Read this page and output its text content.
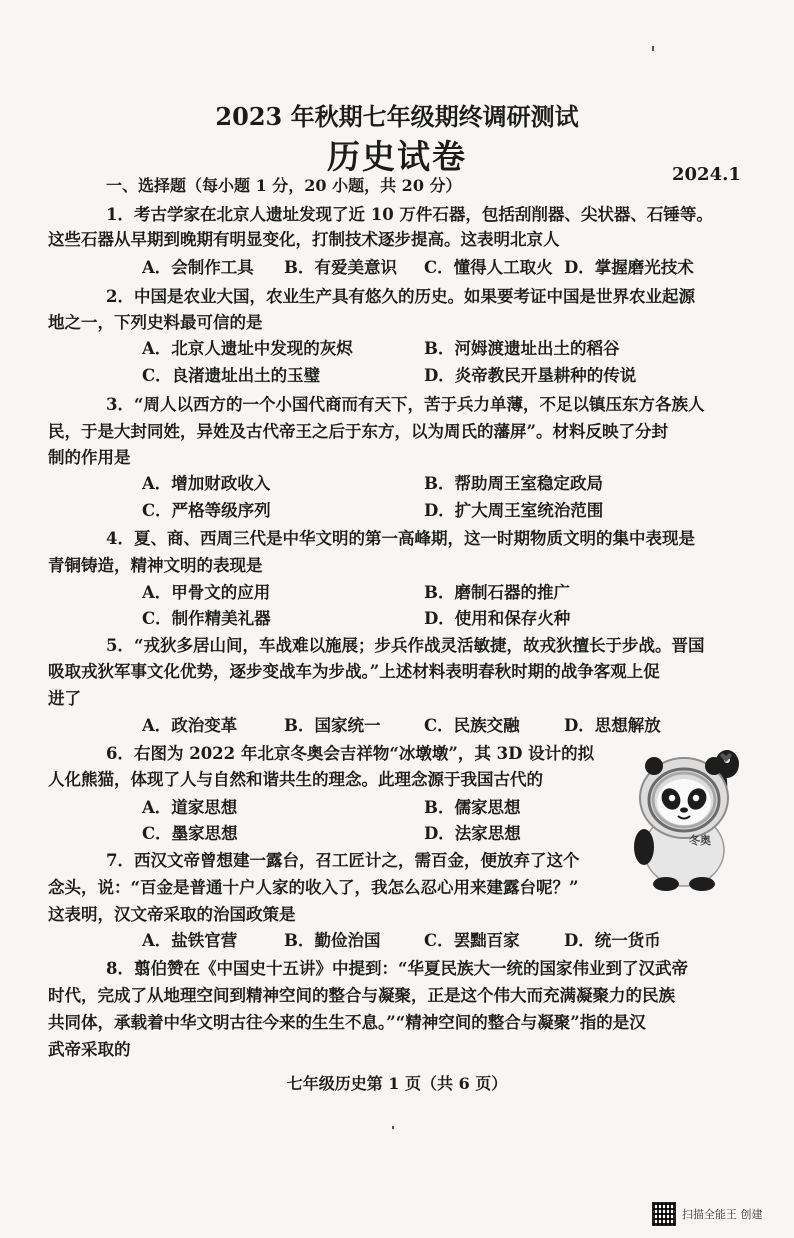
2023 年秋期七年级期终调研测试
历史试卷	2024.1
一、选择题（每小题 1 分，20 小题，共 20 分）
1．考古学家在北京人遗址发现了近 10 万件石器，包括刮削器、尖状器、石锤等。
这些石器从早期到晚期有明显变化，打制技术逐步提高。这表明北京人
A．会制作工具 B．有爱美意识 C．懂得人工取火 D．掌握磨光技术
2．中国是农业大国，农业生产具有悠久的历史。如果要考证中国是世界农业起源
地之一，下列史料最可信的是
A．北京人遗址中发现的灰烬	B．河姆渡遗址出土的稻谷
C．良渚遗址出土的玉璧	D．炎帝教民开垦耕种的传说
3．“周人以西方的一个小国代商而有天下，苦于兵力单薄，不足以镇压东方各族人
民，于是大封同姓，异姓及古代帝王之后于东方，以为周氏的藩屏”。材料反映了分封
制的作用是
A．增加财政收入	B．帮助周王室稳定政局
C．严格等级序列	D．扩大周王室统治范围
4．夏、商、西周三代是中华文明的第一高峰期，这一时期物质文明的集中表现是
青铜铸造，精神文明的表现是
A．甲骨文的应用	B．磨制石器的推广
C．制作精美礼器	D．使用和保存火种
5．“戎狄多居山间，车战难以施展；步兵作战灵活敏捷，故戎狄擅长于步战。晋国
吸取戎狄军事文化优势，逐步变战车为步战。”上述材料表明春秋时期的战争客观上促
进了
A．政治变革	B．国家统一	C．民族交融	D．思想解放
6．右图为 2022 年北京冬奥会吉祥物“冰墩墩”，其 3D 设计的拟
人化熊猫，体现了人与自然和谐共生的理念。此理念源于我国古代的
A．道家思想	B．儒家思想
C．墨家思想	D．法家思想	冬奥
7．西汉文帝曾想建一露台，召工匠计之，需百金，便放弃了这个
念头，说：“百金是普通十户人家的收入了，我怎么忍心用来建露台呢？”
这表明，汉文帝采取的治国政策是
A．盐铁官营	B．勤俭治国	C．罢黜百家	D．统一货币
8．翦伯赞在《中国史十五讲》中提到：“华夏民族大一统的国家伟业到了汉武帝
时代，完成了从地理空间到精神空间的整合与凝聚，正是这个伟大而充满凝聚力的民族
共同体，承载着中华文明古往今来的生生不息。”“精神空间的整合与凝聚”指的是汉
武帝采取的
七年级历史第 1 页（共 6 页）
扫描全能王 创建
